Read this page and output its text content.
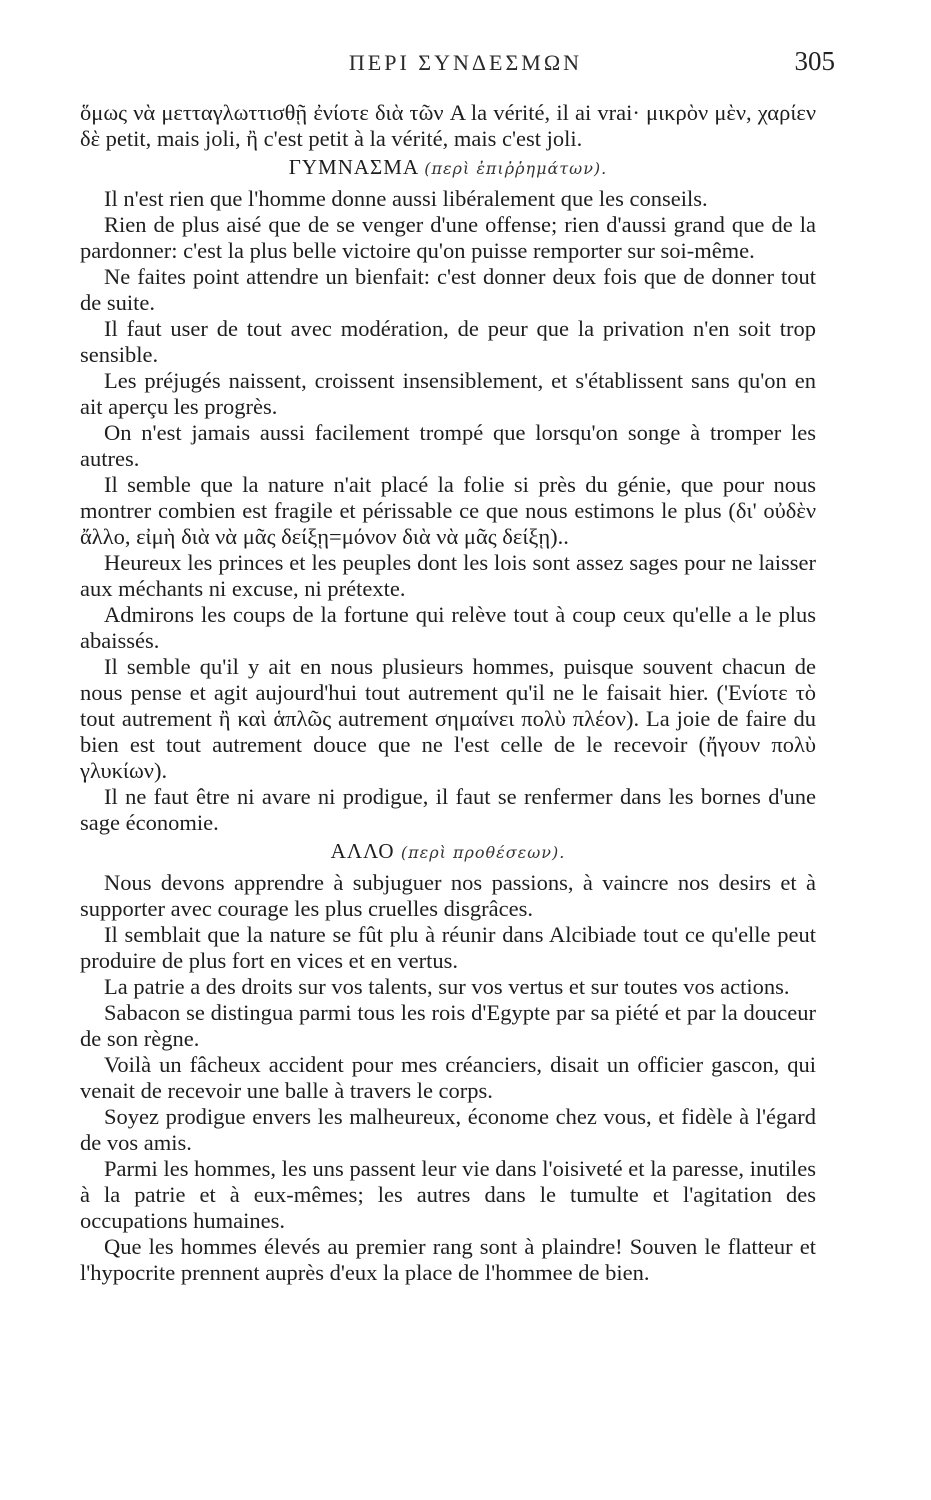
ΠΕΡΙ ΣΥΝΔΕΣΜΩΝ	305

ὅμως νὰ μετταγλωττισθῇ ἐνίοτε διὰ τῶν A la vérité, il ai vrai· μικρὸν μὲν, χαρίεν δὲ petit, mais joli, ἢ c'est petit à la vérité, mais c'est joli.

ΓΥΜΝΑΣΜΑ (περὶ ἐπιῤῥημάτων).

Il n'est rien que l'homme donne aussi libéralement que les conseils.

Rien de plus aisé que de se venger d'une offense; rien d'aussi grand que de la pardonner: c'est la plus belle victoire qu'on puisse remporter sur soi-même.

Ne faites point attendre un bienfait: c'est donner deux fois que de donner tout de suite.

Il faut user de tout avec modération, de peur que la privation n'en soit trop sensible.

Les préjugés naissent, croissent insensiblement, et s'établissent sans qu'on en ait aperçu les progrès.

On n'est jamais aussi facilement trompé que lorsqu'on songe à tromper les autres.

Il semble que la nature n'ait placé la folie si près du génie, que pour nous montrer combien est fragile et périssable ce que nous estimons le plus (δι' οὐδὲν ἄλλο, εἰμὴ διὰ νὰ μᾶς δείξῃ=μόνον διὰ νὰ μᾶς δείξῃ)..

Heureux les princes et les peuples dont les lois sont assez sages pour ne laisser aux méchants ni excuse, ni prétexte.

Admirons les coups de la fortune qui relève tout à coup ceux qu'elle a le plus abaissés.

Il semble qu'il y ait en nous plusieurs hommes, puisque souvent chacun de nous pense et agit aujourd'hui tout autrement qu'il ne le faisait hier. ('Ενίοτε τὸ tout autrement ἢ καὶ ἁπλῶς autrement σημαίνει πολὺ πλέον). La joie de faire du bien est tout autrement douce que ne l'est celle de le recevoir (ἤγουν πολὺ γλυκίων).

Il ne faut être ni avare ni prodigue, il faut se renfermer dans les bornes d'une sage économie.

ΑΛΛΟ (περὶ προθέσεων).

Nous devons apprendre à subjuguer nos passions, à vaincre nos desirs et à supporter avec courage les plus cruelles disgrâces.

Il semblait que la nature se fût plu à réunir dans Alcibiade tout ce qu'elle peut produire de plus fort en vices et en vertus.

La patrie a des droits sur vos talents, sur vos vertus et sur toutes vos actions.

Sabacon se distingua parmi tous les rois d'Egypte par sa piété et par la douceur de son règne.

Voilà un fâcheux accident pour mes créanciers, disait un officier gascon, qui venait de recevoir une balle à travers le corps.

Soyez prodigue envers les malheureux, économe chez vous, et fidèle à l'égard de vos amis.

Parmi les hommes, les uns passent leur vie dans l'oisiveté et la paresse, inutiles à la patrie et à eux-mêmes; les autres dans le tumulte et l'agitation des occupations humaines.

Que les hommes élevés au premier rang sont à plaindre! Souven le flatteur et l'hypocrite prennent auprès d'eux la place de l'hommee de bien.
